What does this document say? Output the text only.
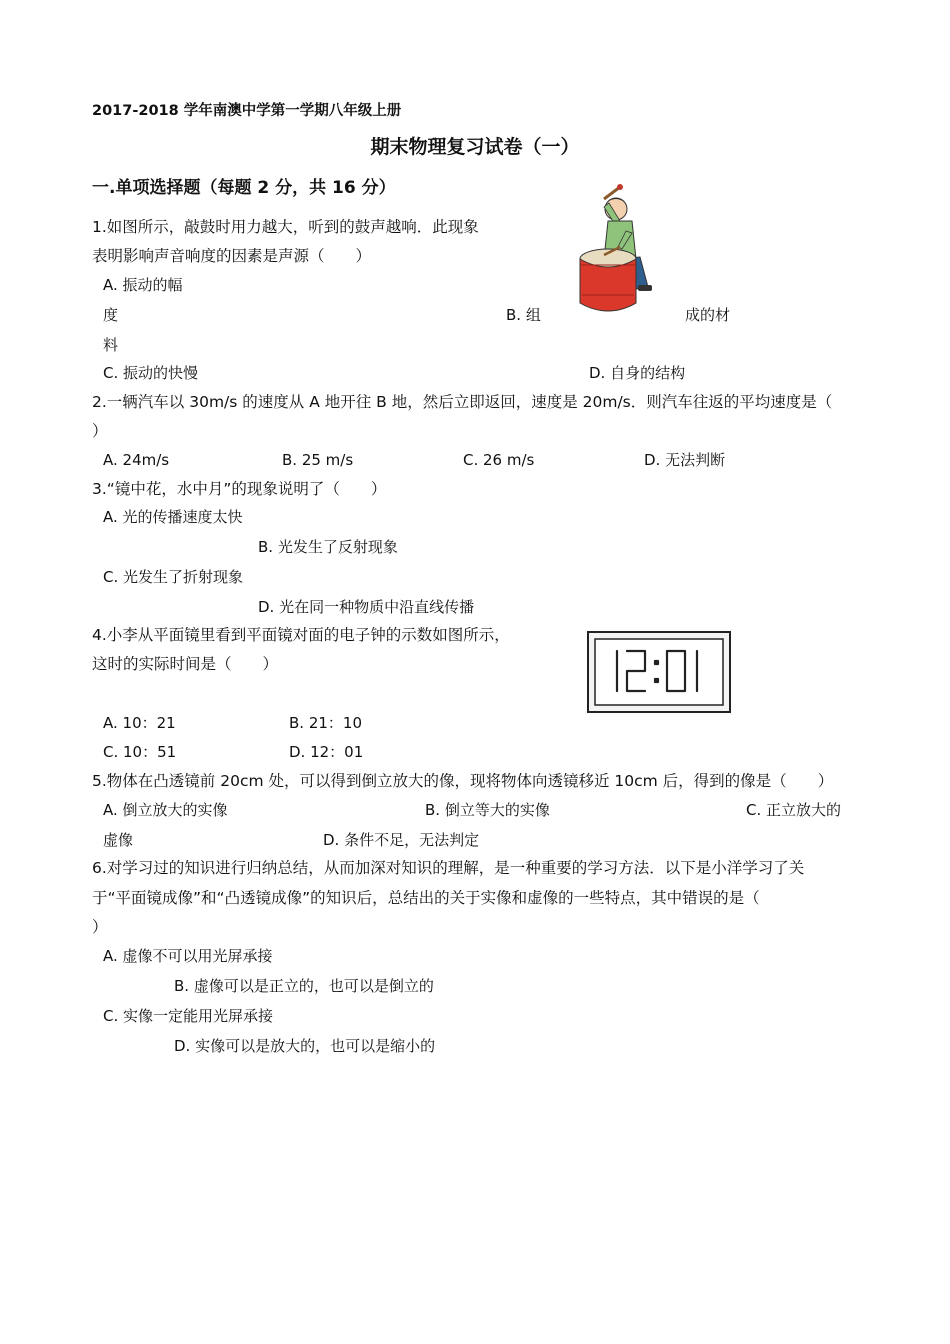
2017-2018 学年南澳中学第一学期八年级上册
期末物理复习试卷（一）
一.单项选择题（每题 2 分，共 16 分）
1.如图所示，敲鼓时用力越大，听到的鼓声越响．此现象
表明影响声音响度的因素是声源（　　）
A. 振动的幅
度	B. 组	成的材
料
C. 振动的快慢	D. 自身的结构
2.一辆汽车以 30m/s 的速度从 A 地开往 B 地，然后立即返回，速度是 20m/s．则汽车往返的平均速度是（
）
A. 24m/s	B. 25 m/s	C. 26 m/s	D. 无法判断
3.“镜中花，水中月”的现象说明了（　　）
A. 光的传播速度太快
B. 光发生了反射现象
C. 光发生了折射现象
D. 光在同一种物质中沿直线传播
4.小李从平面镜里看到平面镜对面的电子钟的示数如图所示，
这时的实际时间是（　　）
A. 10：21	B. 21：10
C. 10：51	D. 12：01
5.物体在凸透镜前 20cm 处，可以得到倒立放大的像，现将物体向透镜移近 10cm 后，得到的像是（　　）
A. 倒立放大的实像	B. 倒立等大的实像	C. 正立放大的
虚像	D. 条件不足，无法判定
6.对学习过的知识进行归纳总结，从而加深对知识的理解，是一种重要的学习方法．以下是小洋学习了关
于“平面镜成像”和“凸透镜成像”的知识后，总结出的关于实像和虚像的一些特点，其中错误的是（
）
A. 虚像不可以用光屏承接
B. 虚像可以是正立的，也可以是倒立的
C. 实像一定能用光屏承接
D. 实像可以是放大的，也可以是缩小的
